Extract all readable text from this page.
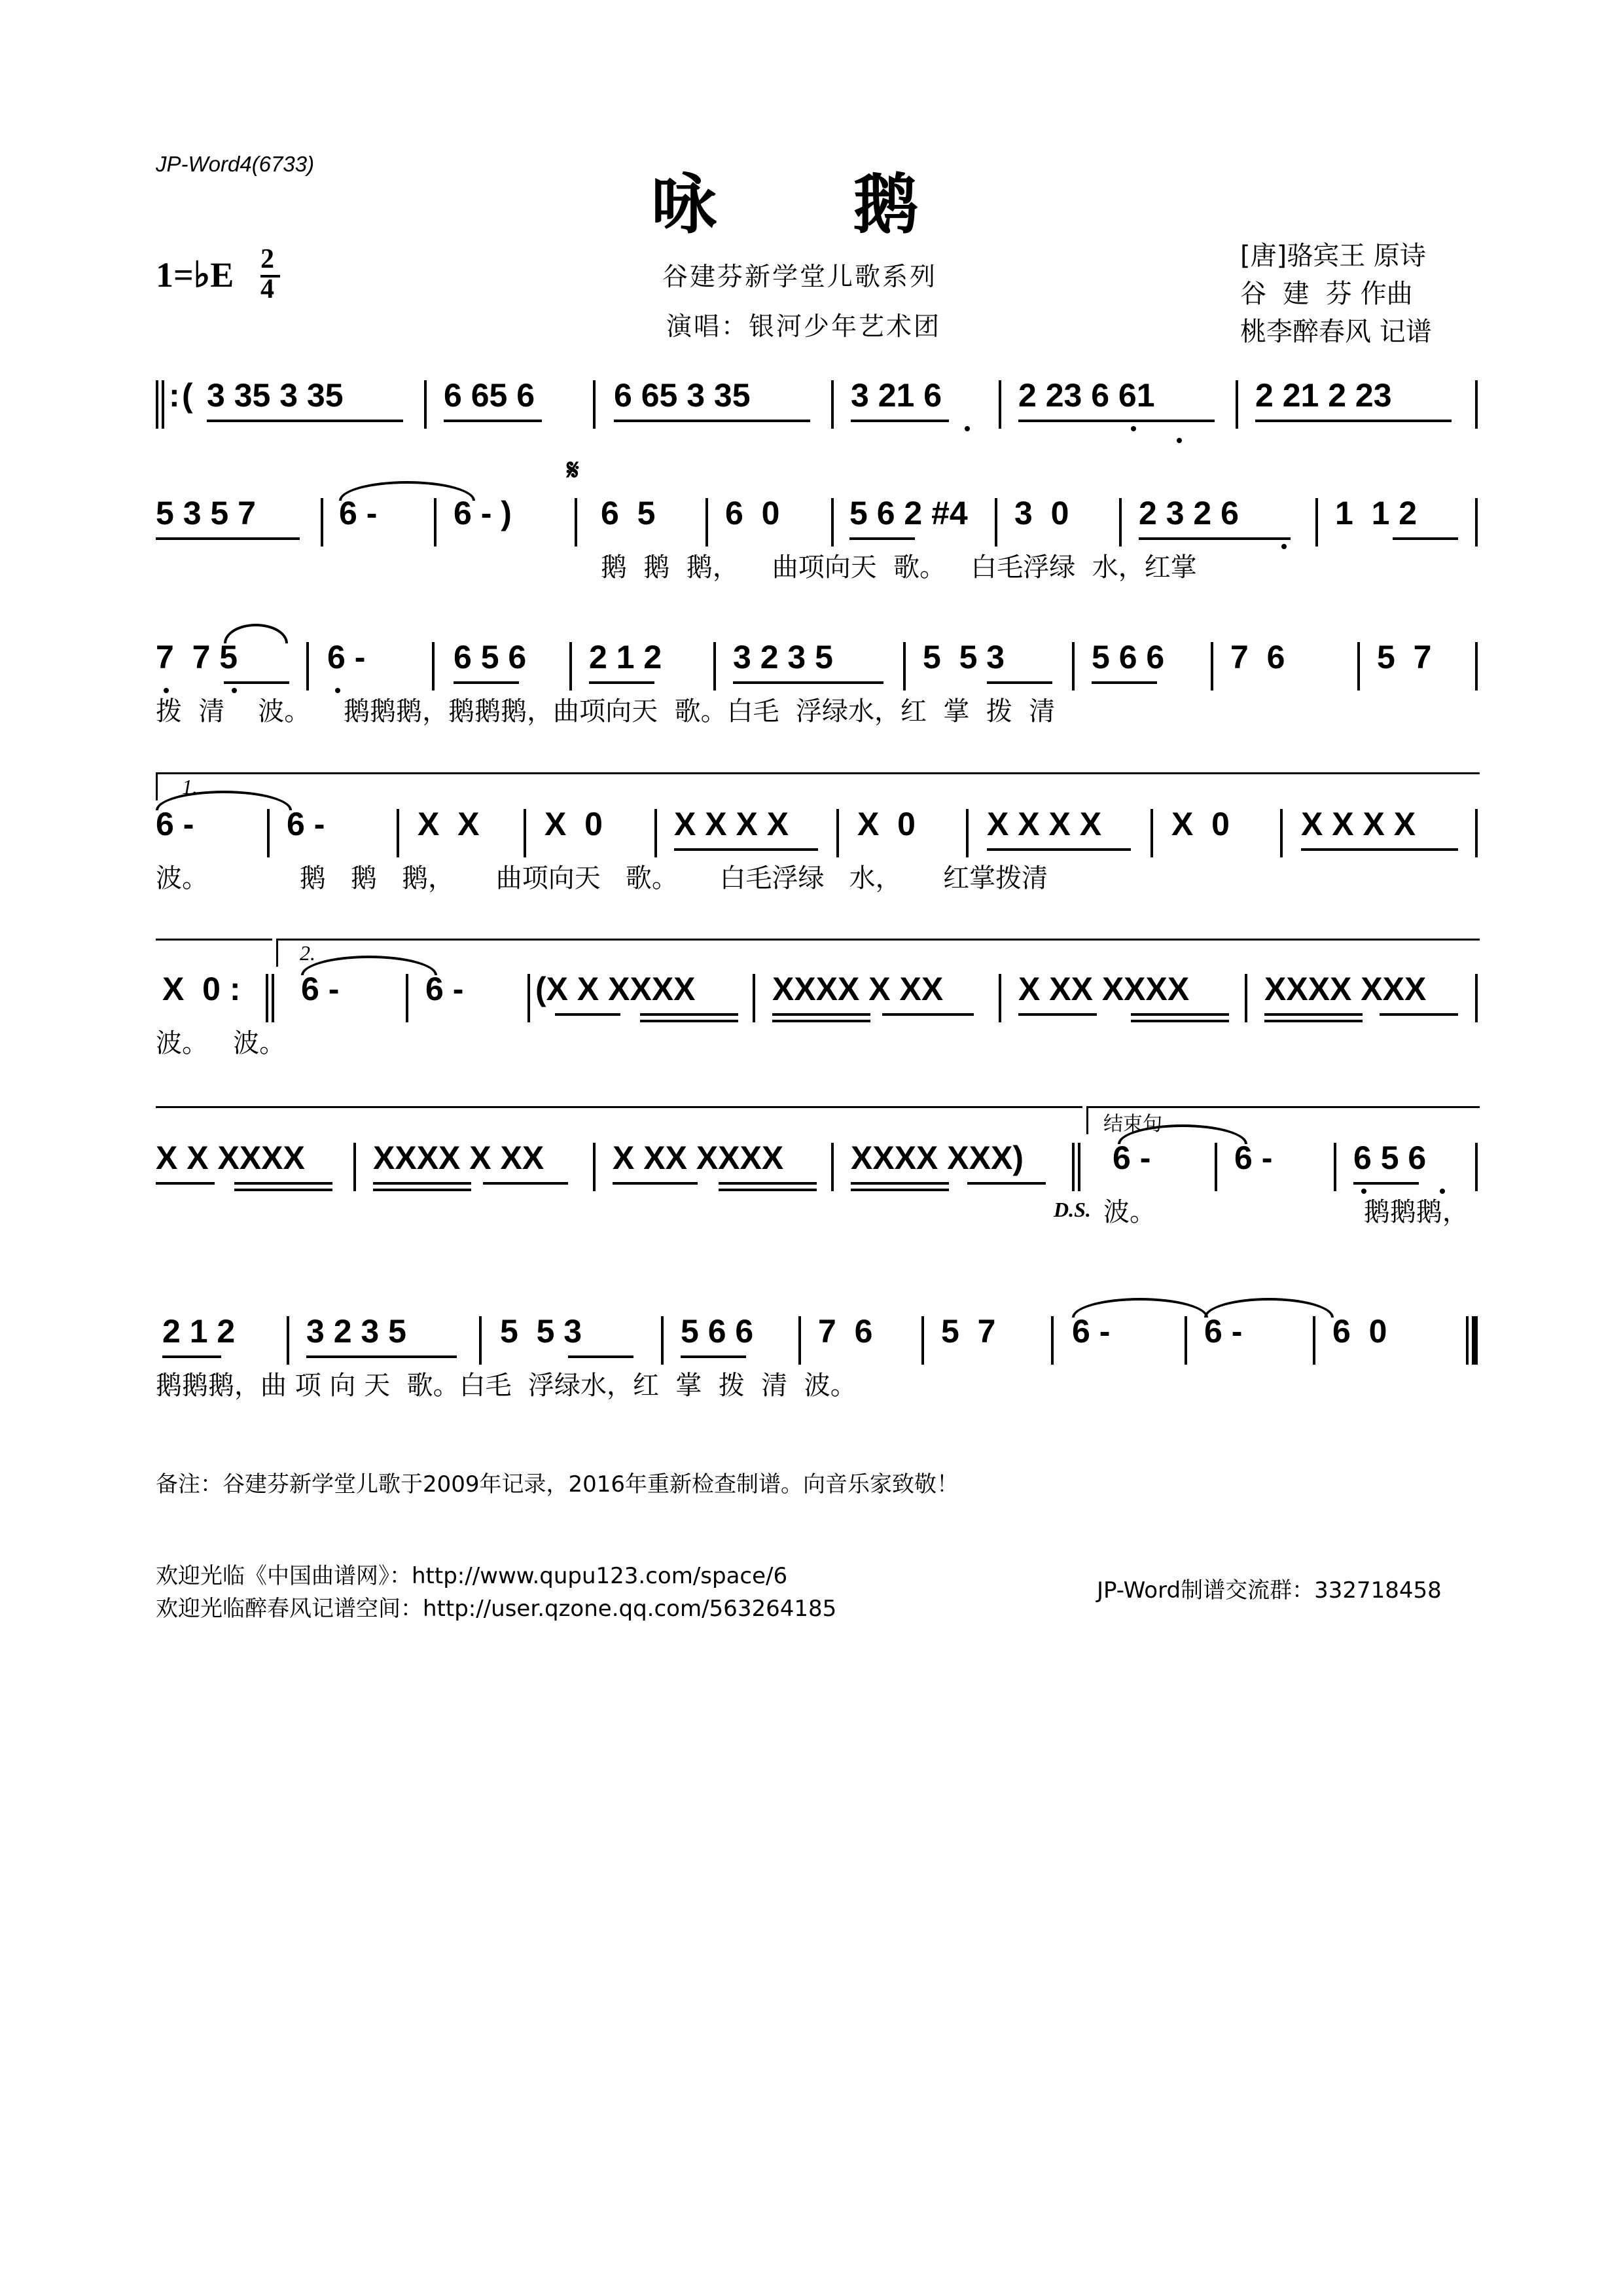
JP-Word4(6733)
咏      鹅
1=♭E 2
4	谷建芬新学堂儿歌系列
演唱：银河少年艺术团
[唐]骆宾王 原诗
谷  建  芬 作曲
桃李醉春风 记谱
: ( 3 35 3 35	6 65 6 6 65 3 35	3 21 6 2 23 6 61	2 21 2 23
5 3 5 7	6 - 6 - )
𝄋
6  5 6  0 5 6 2 #4 3  0 2 3 2 6	1  1 2
鹅  鹅  鹅，    曲项向天  歌。   白毛浮绿  水，红掌
7  7 5	6 -	6 5 6 2 1 2 3 2 3 5	5  5 3	5 6 6 7  6	5  7
拨  清    波。    鹅鹅鹅，鹅鹅鹅，曲项向天  歌。白毛  浮绿水，红  掌  拨  清
1.
6 -	6 -	X  X X  0 X X X X X  0 X X X X X  0 X X X X
波。           鹅   鹅   鹅，     曲项向天   歌。     白毛浮绿   水，     红掌拨清
2.
X  0 : 6 -	6 - (X X XXXX XXXX X XX X XX XXXX XXXX XXX
波。   波。
结束句
X X XXXX XXXX X XX X XX XXXX XXXX XXX)	6 -	6 - 6 5 6
D.S. 波。                         鹅鹅鹅，
2 1 2 3 2 3 5	5  5 3	5 6 6 7  6 5  7 6 -	6 -	6  0
鹅鹅鹅，曲 项 向 天  歌。白毛  浮绿水，红  掌  拨  清  波。
备注：谷建芬新学堂儿歌于2009年记录，2016年重新检查制谱。向音乐家致敬！
欢迎光临《中国曲谱网》：http://www.qupu123.com/space/6
欢迎光临醉春风记谱空间：http://user.qzone.qq.com/563264185
JP-Word制谱交流群：332718458
